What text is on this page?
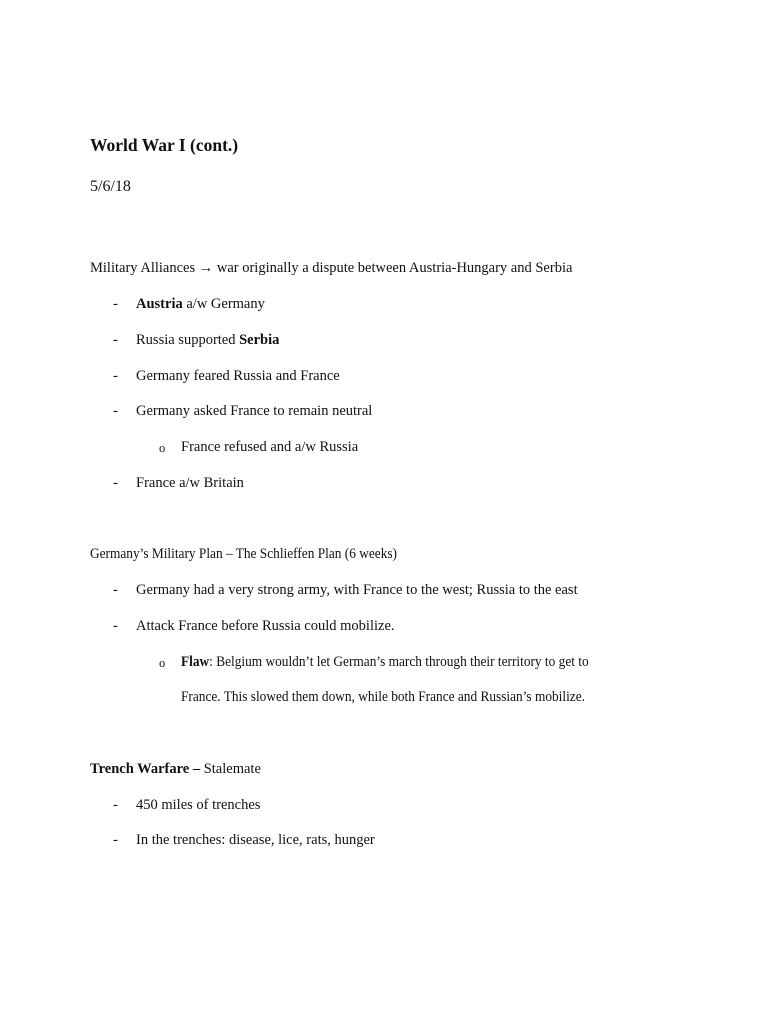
World War I (cont.)
5/6/18
Military Alliances → war originally a dispute between Austria-Hungary and Serbia
- Austria a/w Germany
- Russia supported Serbia
- Germany feared Russia and France
- Germany asked France to remain neutral
o France refused and a/w Russia
- France a/w Britain
Germany’s Military Plan – The Schlieffen Plan (6 weeks)
- Germany had a very strong army, with France to the west; Russia to the east
- Attack France before Russia could mobilize.
o Flaw: Belgium wouldn’t let German’s march through their territory to get to
France. This slowed them down, while both France and Russian’s mobilize.
Trench Warfare – Stalemate
- 450 miles of trenches
- In the trenches: disease, lice, rats, hunger
